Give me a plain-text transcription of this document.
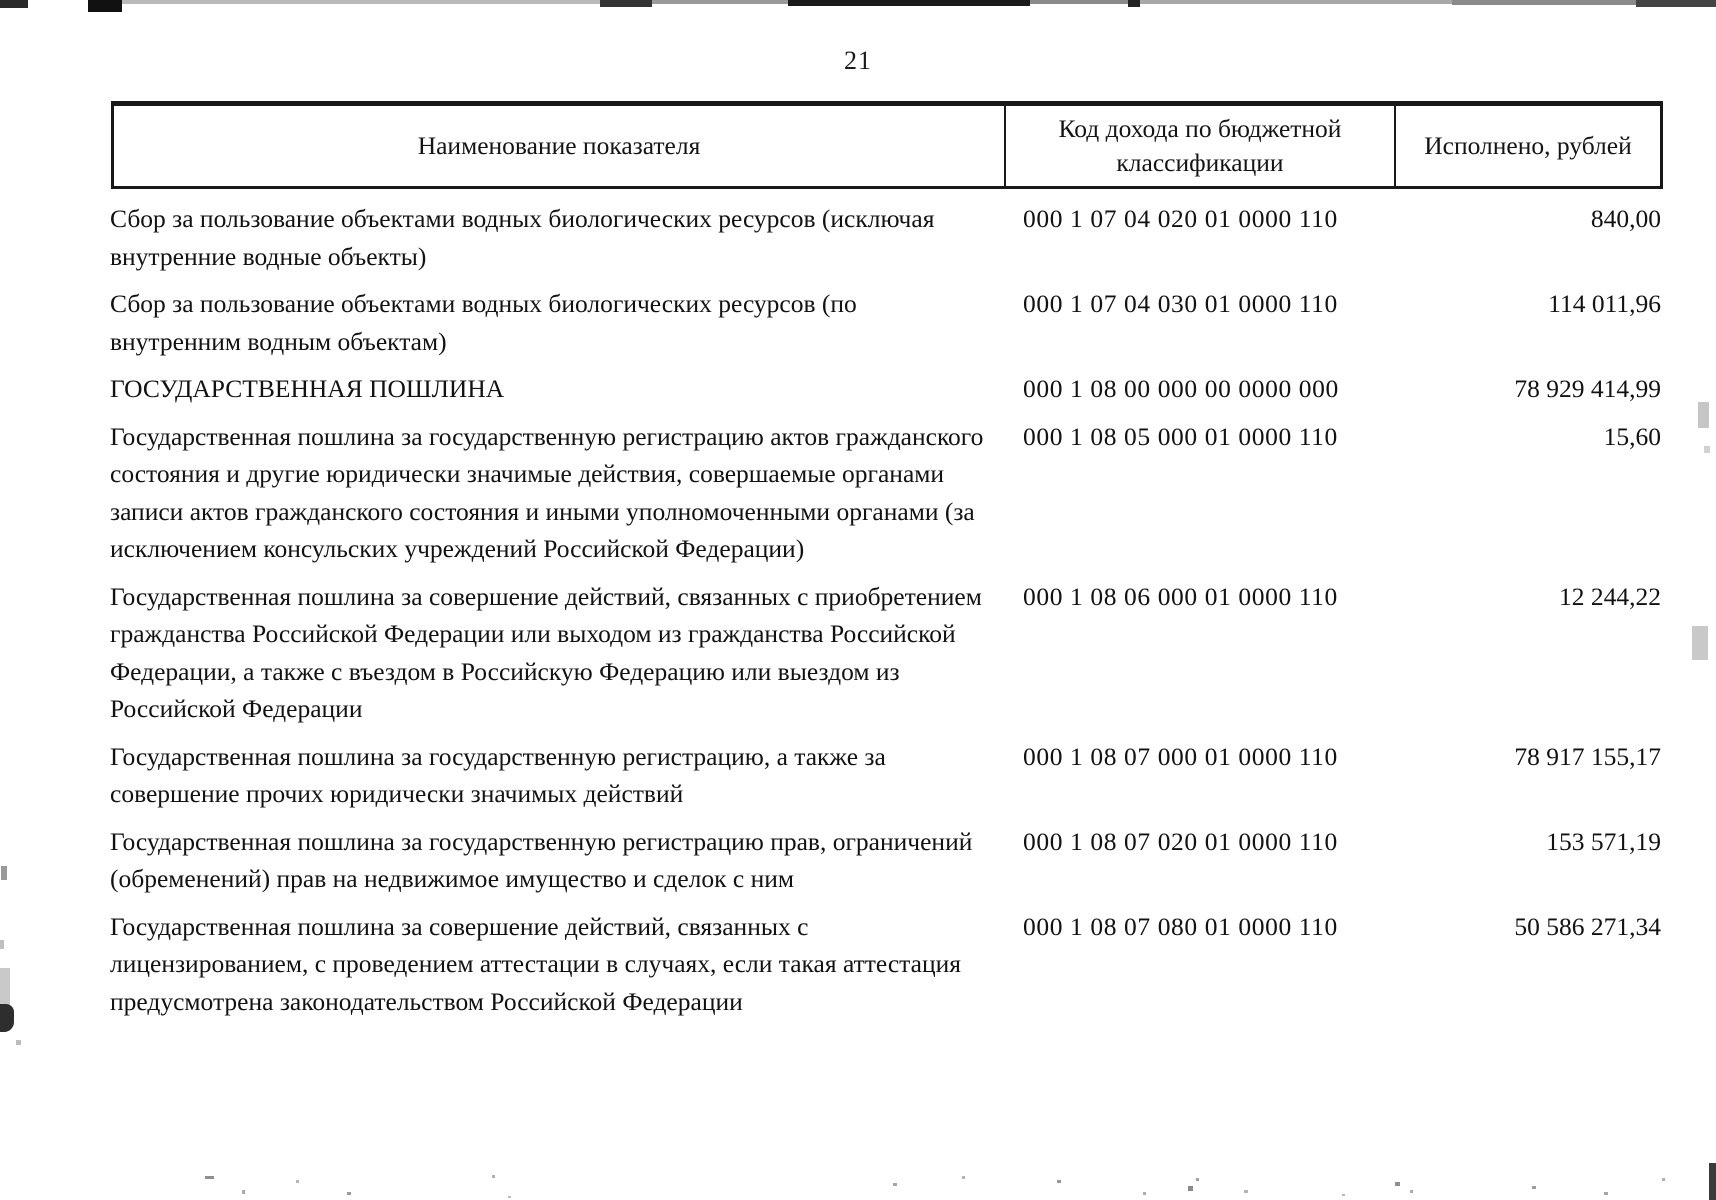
21
Наименование показателя
Код дохода по бюджетной классификации
Исполнено, рублей
Сбор за пользование объектами водных биологических ресурсов (исключая внутренние водные объекты)
000 1 07 04 020 01 0000 110	840,00
Сбор за пользование объектами водных биологических ресурсов (по внутренним водным объектам)
000 1 07 04 030 01 0000 110	114 011,96
ГОСУДАРСТВЕННАЯ ПОШЛИНА	000 1 08 00 000 00 0000 000	78 929 414,99
Государственная пошлина за государственную регистрацию актов гражданского состояния и другие юридически значимые действия, совершаемые органами записи актов гражданского состояния и иными уполномоченными органами (за исключением консульских учреждений Российской Федерации)
000 1 08 05 000 01 0000 110	15,60
Государственная пошлина за совершение действий, связанных с приобретением гражданства Российской Федерации или выходом из гражданства Российской Федерации, а также с въездом в Российскую Федерацию или выездом из Российской Федерации
000 1 08 06 000 01 0000 110	12 244,22
Государственная пошлина за государственную регистрацию, а также за совершение прочих юридически значимых действий
000 1 08 07 000 01 0000 110	78 917 155,17
Государственная пошлина за государственную регистрацию прав, ограничений (обременений) прав на недвижимое имущество и сделок с ним
000 1 08 07 020 01 0000 110	153 571,19
Государственная пошлина за совершение действий, связанных с лицензированием, с проведением аттестации в случаях, если такая аттестация предусмотрена законодательством Российской Федерации
000 1 08 07 080 01 0000 110	50 586 271,34
